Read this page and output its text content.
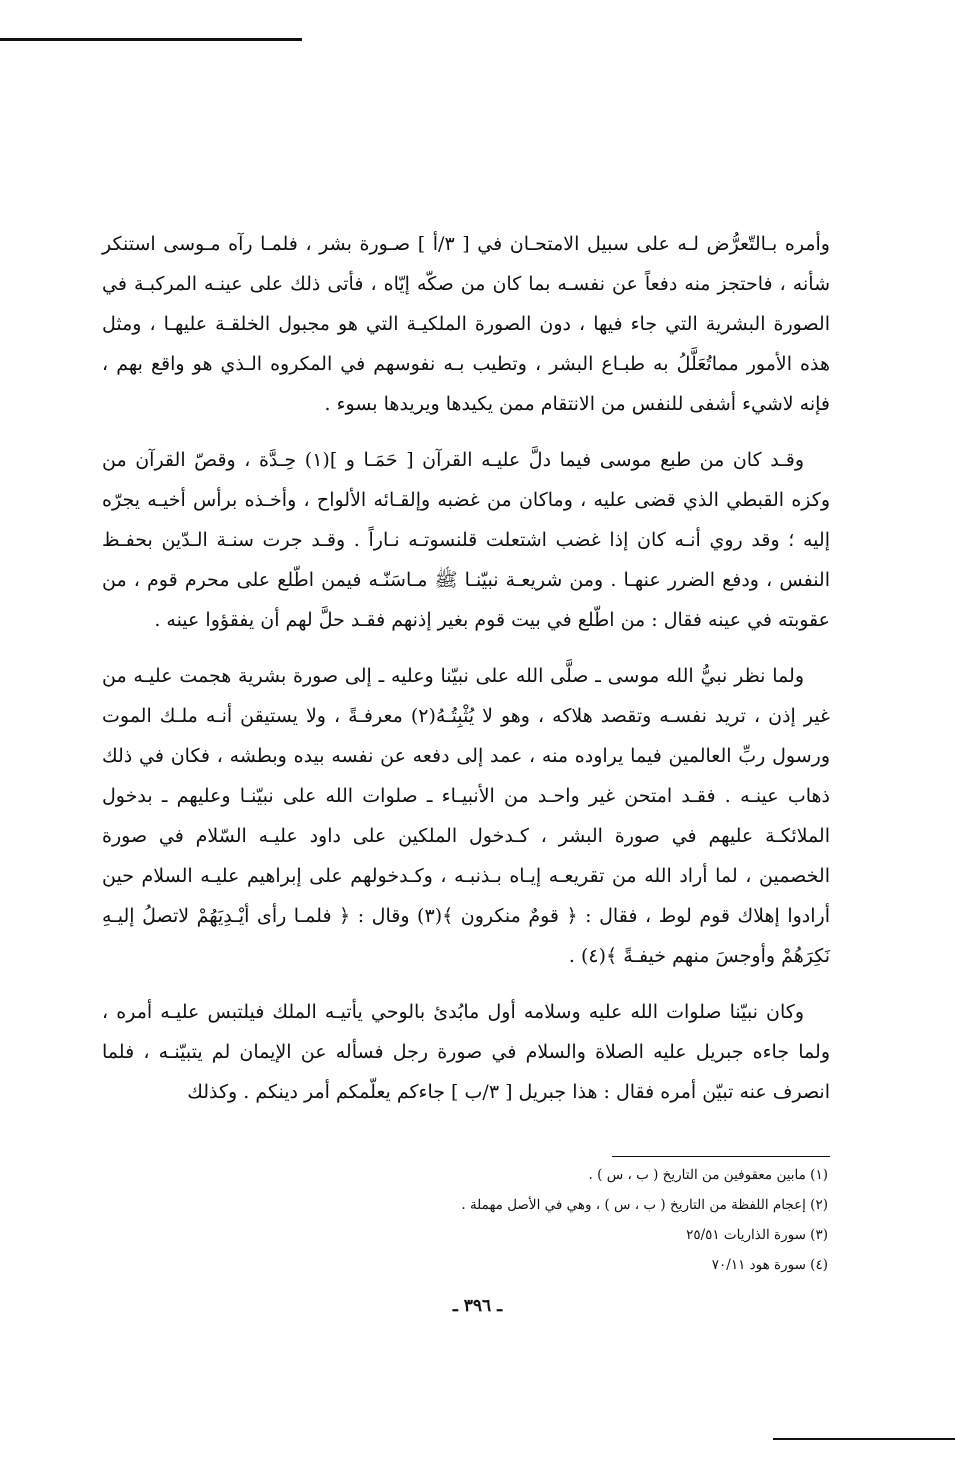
وأمره بـالتّعرُّض لـه على سبيل الامتحـان في [ ٣/أ ] صـورة بشر ، فلمـا رآه مـوسى استنكر شأنه ، فاحتجز منه دفعاً عن نفسـه بما كان من صكّه إيّاه ، فأتى ذلك على عينـه المركبـة في الصورة البشرية التي جاء فيها ، دون الصورة الملكيـة التي هو مجبول الخلقـة عليهـا ، ومثل هذه الأمور مماتُعَلَّلُ به طبـاع البشر ، وتطيب بـه نفوسهم في المكروه الـذي هو واقع بهم ، فإنه لاشيء أشفى للنفس من الانتقام ممن يكيدها ويريدها بسوء .

وقـد كان من طبع موسى فيما دلَّ عليـه القرآن [ حَمَـا و ](١) حِـدَّة ، وقصّ القرآن من وكزه القبطي الذي قضى عليه ، وماكان من غضبه وإلقـائه الألواح ، وأخـذه برأس أخيـه يجرّه إليه ؛ وقد روي أنـه كان إذا غضب اشتعلت قلنسوتـه نـاراً . وقـد جرت سنـة الـدّين بحفـظ النفس ، ودفع الضرر عنهـا . ومن شريعـة نبيّنـا ﷺ مـاسَنّـه فيمن اطّلع على محرم قوم ، من عقوبته في عينه فقال : من اطّلع في بيت قوم بغير إذنهم فقـد حلَّ لهم أن يفقؤوا عينه .

ولما نظر نبيُّ الله موسى ـ صلَّى الله على نبيّنا وعليه ـ إلى صورة بشرية هجمت عليـه من غير إذن ، تريد نفسـه وتقصد هلاكه ، وهو لا يُثْبِتُـهُ(٢) معرفـةً ، ولا يستيقن أنـه ملـك الموت ورسول ربِّ العالمين فيما يراوده منه ، عمد إلى دفعه عن نفسه بيده وبطشه ، فكان في ذلك ذهاب عينـه . فقـد امتحن غير واحـد من الأنبيـاء ـ صلوات الله على نبيّنـا وعليهم ـ بدخول الملائكـة عليهم في صورة البشر ، كـدخول الملكين على داود عليـه السّلام في صورة الخصمين ، لما أراد الله من تقريعـه إيـاه بـذنبـه ، وكـدخولهم على إبراهيم عليـه السلام حين أرادوا إهلاك قوم لوط ، فقال : ﴿ قومٌ منكرون ﴾(٣) وقال : ﴿ فلمـا رأى أيْـدِيَهُمْ لاتصلُ إليـهِ نَكِرَهُمْ وأوجسَ منهم خيفـةً ﴾(٤) .

وكان نبيّنا صلوات الله عليه وسلامه أول مابُدئ بالوحي يأتيـه الملك فيلتبس عليـه أمره ، ولما جاءه جبريل عليه الصلاة والسلام في صورة رجل فسأله عن الإيمان لم يتبيّنـه ، فلما انصرف عنه تبيّن أمره فقال : هذا جبريل [ ٣/ب ] جاءكم يعلّمكم أمر دينكم . وكذلك

(١) مابين معقوفين من التاريخ ( ب ، س ) .

(٢) إعجام اللفظة من التاريخ ( ب ، س ) ، وهي في الأصل مهملة .

(٣) سورة الذاريات ٢٥/٥١

(٤) سورة هود ٧٠/١١

ـ ٣٩٦ ـ
